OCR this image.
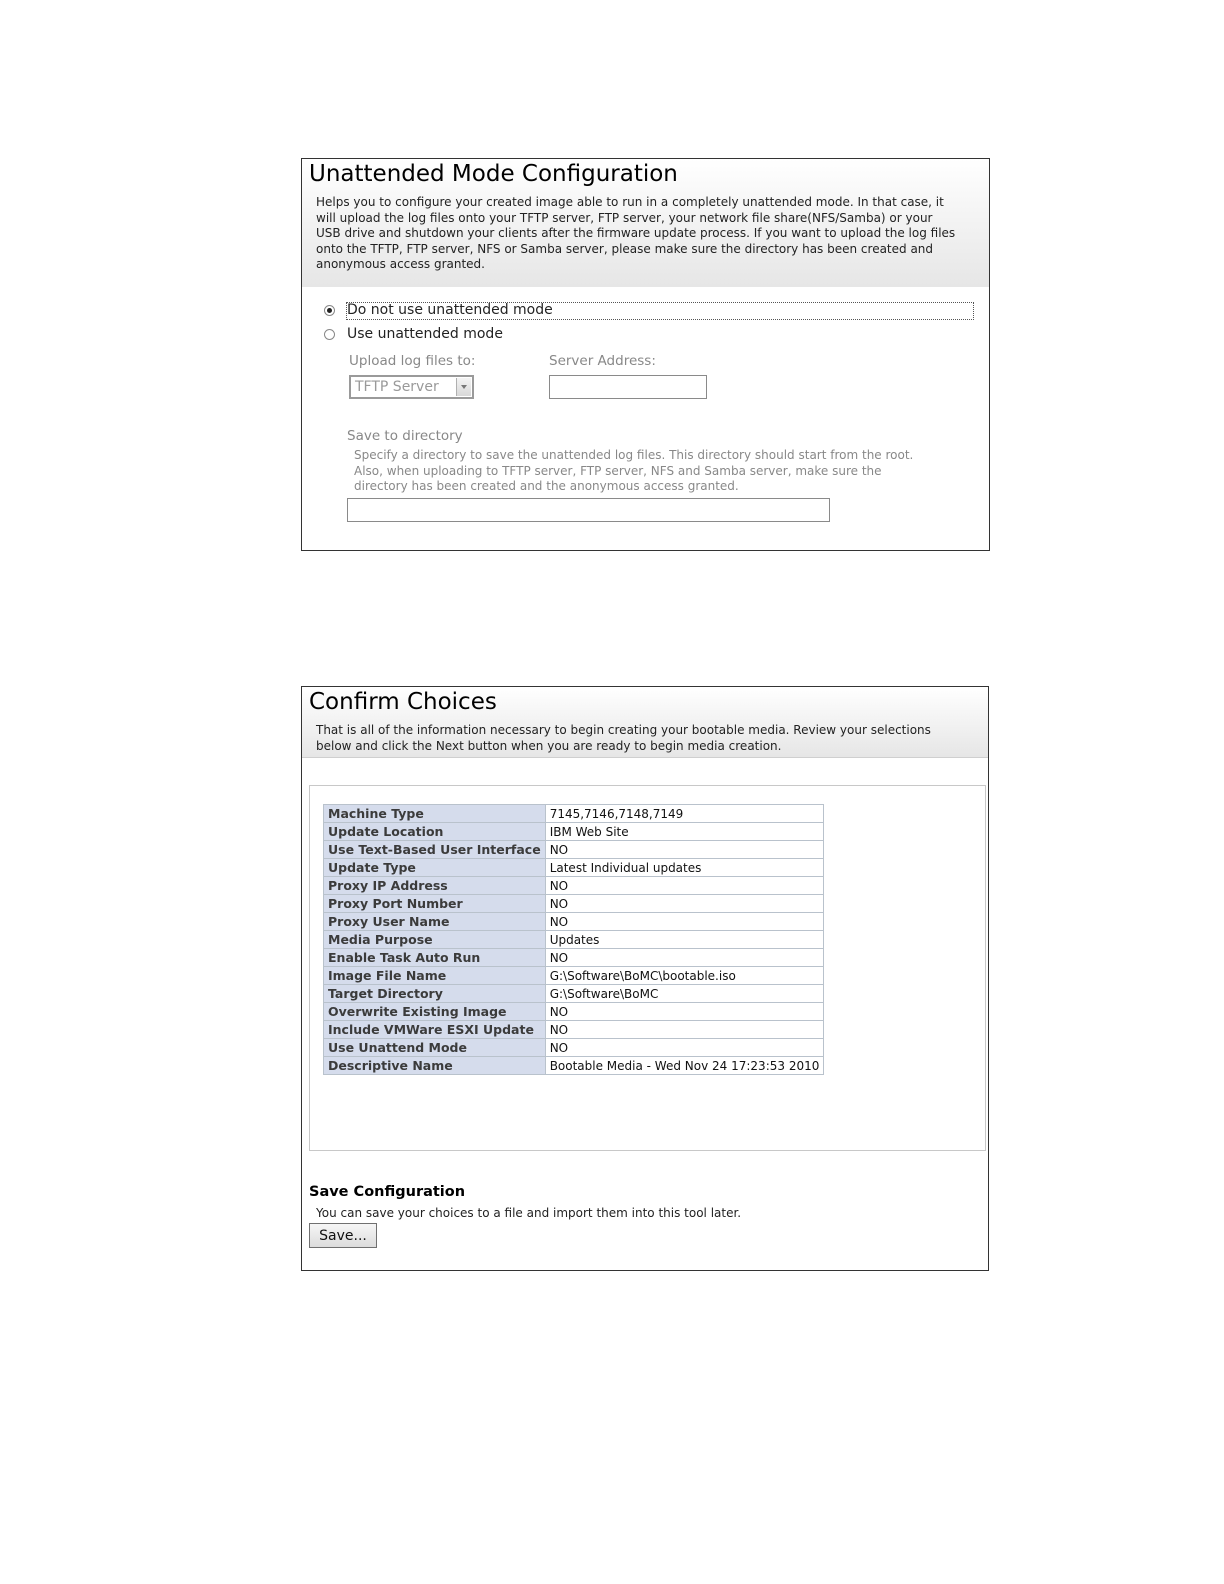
Unattended Mode Configuration

Helps you to configure your created image able to run in a completely unattended mode. In that case, it will upload the log files onto your TFTP server, FTP server, your network file share(NFS/Samba) or your USB drive and shutdown your clients after the firmware update process. If you want to upload the log files onto the TFTP, FTP server, NFS or Samba server, please make sure the directory has been created and anonymous access granted.

Do not use unattended mode
Use unattended mode
Upload log files to:
TFTP Server
Server Address:
Save to directory

Specify a directory to save the unattended log files. This directory should start from the root. Also, when uploading to TFTP server, FTP server, NFS and Samba server, make sure the directory has been created and the anonymous access granted.

Confirm Choices

That is all of the information necessary to begin creating your bootable media. Review your selections below and click the Next button when you are ready to begin media creation.

Machine Type	7145,7146,7148,7149
Update Location	IBM Web Site
Use Text-Based User Interface	NO
Update Type	Latest Individual updates
Proxy IP Address	NO
Proxy Port Number	NO
Proxy User Name	NO
Media Purpose	Updates
Enable Task Auto Run	NO
Image File Name	G:\Software\BoMC\bootable.iso
Target Directory	G:\Software\BoMC
Overwrite Existing Image	NO
Include VMWare ESXI Update	NO
Use Unattend Mode	NO
Descriptive Name	Bootable Media - Wed Nov 24 17:23:53 2010
Save Configuration
You can save your choices to a file and import them into this tool later.
Save...
